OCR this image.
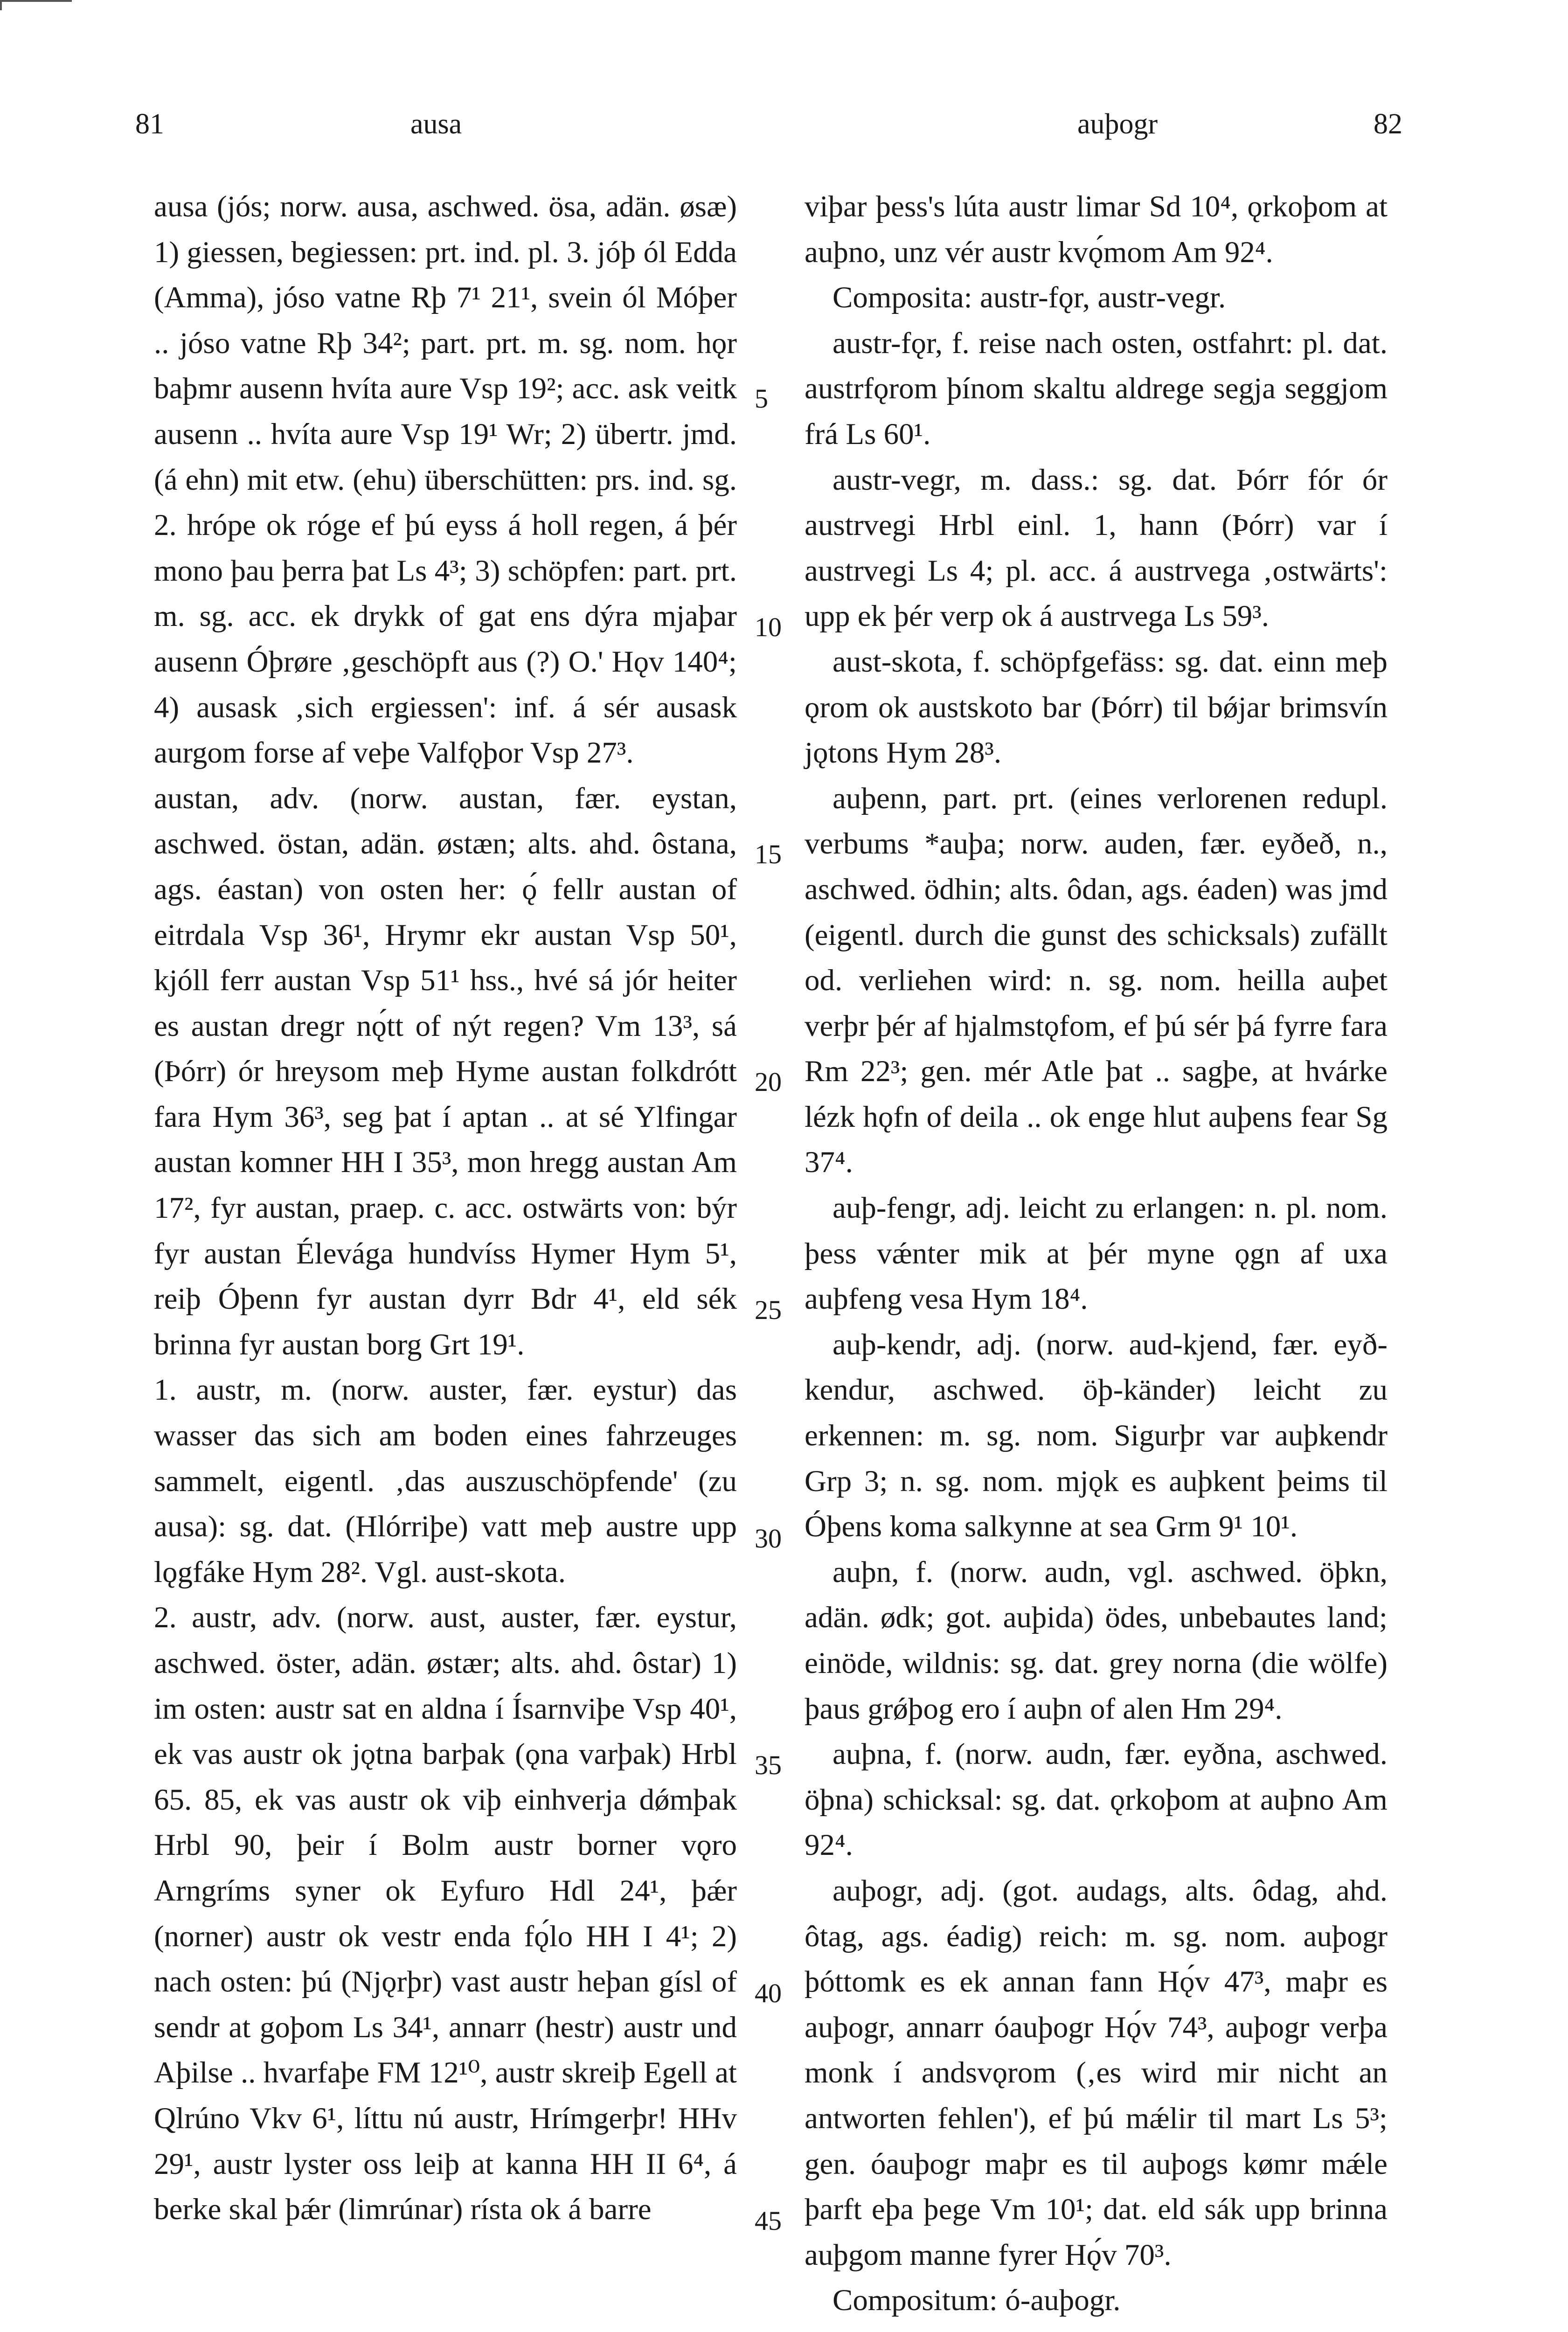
81	ausa	auþogr	82
5
10
15
20
25
30
35
40
45

ausa (jós; norw. ausa, aschwed. ösa, adän. øsæ) 1) giessen, begiessen: prt. ind. pl. 3. jóþ ól Edda (Amma), jóso vatne Rþ 7¹ 21¹, svein ól Móþer .. jóso vatne Rþ 34²; part. prt. m. sg. nom. hǫr baþmr ausenn hvíta aure Vsp 19²; acc. ask veitk ausenn .. hvíta aure Vsp 19¹ Wr; 2) übertr. jmd. (á ehn) mit etw. (ehu) überschütten: prs. ind. sg. 2. hrópe ok róge ef þú eyss á holl regen, á þér mono þau þerra þat Ls 4³; 3) schöpfen: part. prt. m. sg. acc. ek drykk of gat ens dýra mjaþar ausenn Óþrøre ‚geschöpft aus (?) O.' Hǫv 140⁴; 4) ausask ‚sich ergiessen': inf. á sér ausask aurgom forse af veþe Valfǫþor Vsp 27³.

austan, adv. (norw. austan, fær. eystan, aschwed. östan, adän. østæn; alts. ahd. ôstana, ags. éastan) von osten her: ǫ́ fellr austan of eitrdala Vsp 36¹, Hrymr ekr austan Vsp 50¹, kjóll ferr austan Vsp 51¹ hss., hvé sá jór heiter es austan dregr nǫ́tt of nýt regen? Vm 13³, sá (Þórr) ór hreysom meþ Hyme austan folkdrótt fara Hym 36³, seg þat í aptan .. at sé Ylfingar austan komner HH I 35³, mon hregg austan Am 17², fyr austan, praep. c. acc. ostwärts von: býr fyr austan Élevága hundvíss Hymer Hym 5¹, reiþ Óþenn fyr austan dyrr Bdr 4¹, eld sék brinna fyr austan borg Grt 19¹.

1. austr, m. (norw. auster, fær. eystur) das wasser das sich am boden eines fahrzeuges sammelt, eigentl. ‚das auszuschöpfende' (zu ausa): sg. dat. (Hlórriþe) vatt meþ austre upp lǫgfáke Hym 28². Vgl. aust-skota.

2. austr, adv. (norw. aust, auster, fær. eystur, aschwed. öster, adän. østær; alts. ahd. ôstar) 1) im osten: austr sat en aldna í Ísarnviþe Vsp 40¹, ek vas austr ok jǫtna barþak (ǫna varþak) Hrbl 65. 85, ek vas austr ok viþ einhverja dǿmþak Hrbl 90, þeir í Bolm austr borner vǫro Arngríms syner ok Eyfuro Hdl 24¹, þǽr (norner) austr ok vestr enda fǫ́lo HH I 4¹; 2) nach osten: þú (Njǫrþr) vast austr heþan gísl of sendr at goþom Ls 34¹, annarr (hestr) austr und Aþilse .. hvarfaþe FM 12¹⁰, austr skreiþ Egell at Qlrúno Vkv 6¹, líttu nú austr, Hrímgerþr! HHv 29¹, austr lyster oss leiþ at kanna HH II 6⁴, á berke skal þǽr (limrúnar) rísta ok á barre

viþar þess's lúta austr limar Sd 10⁴, ǫrkoþom at auþno, unz vér austr kvǫ́mom Am 92⁴.

Composita: austr-fǫr, austr-vegr.

austr-fǫr, f. reise nach osten, ostfahrt: pl. dat. austrfǫrom þínom skaltu aldrege segja seggjom frá Ls 60¹.

austr-vegr, m. dass.: sg. dat. Þórr fór ór austrvegi Hrbl einl. 1, hann (Þórr) var í austrvegi Ls 4; pl. acc. á austrvega ‚ostwärts': upp ek þér verp ok á austrvega Ls 59³.

aust-skota, f. schöpfgefäss: sg. dat. einn meþ ǫrom ok austskoto bar (Þórr) til bǿjar brimsvín jǫtons Hym 28³.

auþenn, part. prt. (eines verlorenen redupl. verbums *auþa; norw. auden, fær. eyðeð, n., aschwed. ödhin; alts. ôdan, ags. éaden) was jmd (eigentl. durch die gunst des schicksals) zufällt od. verliehen wird: n. sg. nom. heilla auþet verþr þér af hjalmstǫfom, ef þú sér þá fyrre fara Rm 22³; gen. mér Atle þat .. sagþe, at hvárke lézk hǫfn of deila .. ok enge hlut auþens fear Sg 37⁴.

auþ-fengr, adj. leicht zu erlangen: n. pl. nom. þess vǽnter mik at þér myne ǫgn af uxa auþfeng vesa Hym 18⁴.

auþ-kendr, adj. (norw. aud-kjend, fær. eyð-kendur, aschwed. öþ-känder) leicht zu erkennen: m. sg. nom. Sigurþr var auþkendr Grp 3; n. sg. nom. mjǫk es auþkent þeims til Óþens koma salkynne at sea Grm 9¹ 10¹.

auþn, f. (norw. audn, vgl. aschwed. öþkn, adän. ødk; got. auþida) ödes, unbebautes land; einöde, wildnis: sg. dat. grey norna (die wölfe) þaus grǿþog ero í auþn of alen Hm 29⁴.

auþna, f. (norw. audn, fær. eyðna, aschwed. öþna) schicksal: sg. dat. ǫrkoþom at auþno Am 92⁴.

auþogr, adj. (got. audags, alts. ôdag, ahd. ôtag, ags. éadig) reich: m. sg. nom. auþogr þóttomk es ek annan fann Hǫ́v 47³, maþr es auþogr, annarr óauþogr Hǫ́v 74³, auþogr verþa monk í andsvǫrom (‚es wird mir nicht an antworten fehlen'), ef þú mǽlir til mart Ls 5³; gen. óauþogr maþr es til auþogs kømr mǽle þarft eþa þege Vm 10¹; dat. eld sák upp brinna auþgom manne fyrer Hǫ́v 70³.

Compositum: ó-auþogr.
